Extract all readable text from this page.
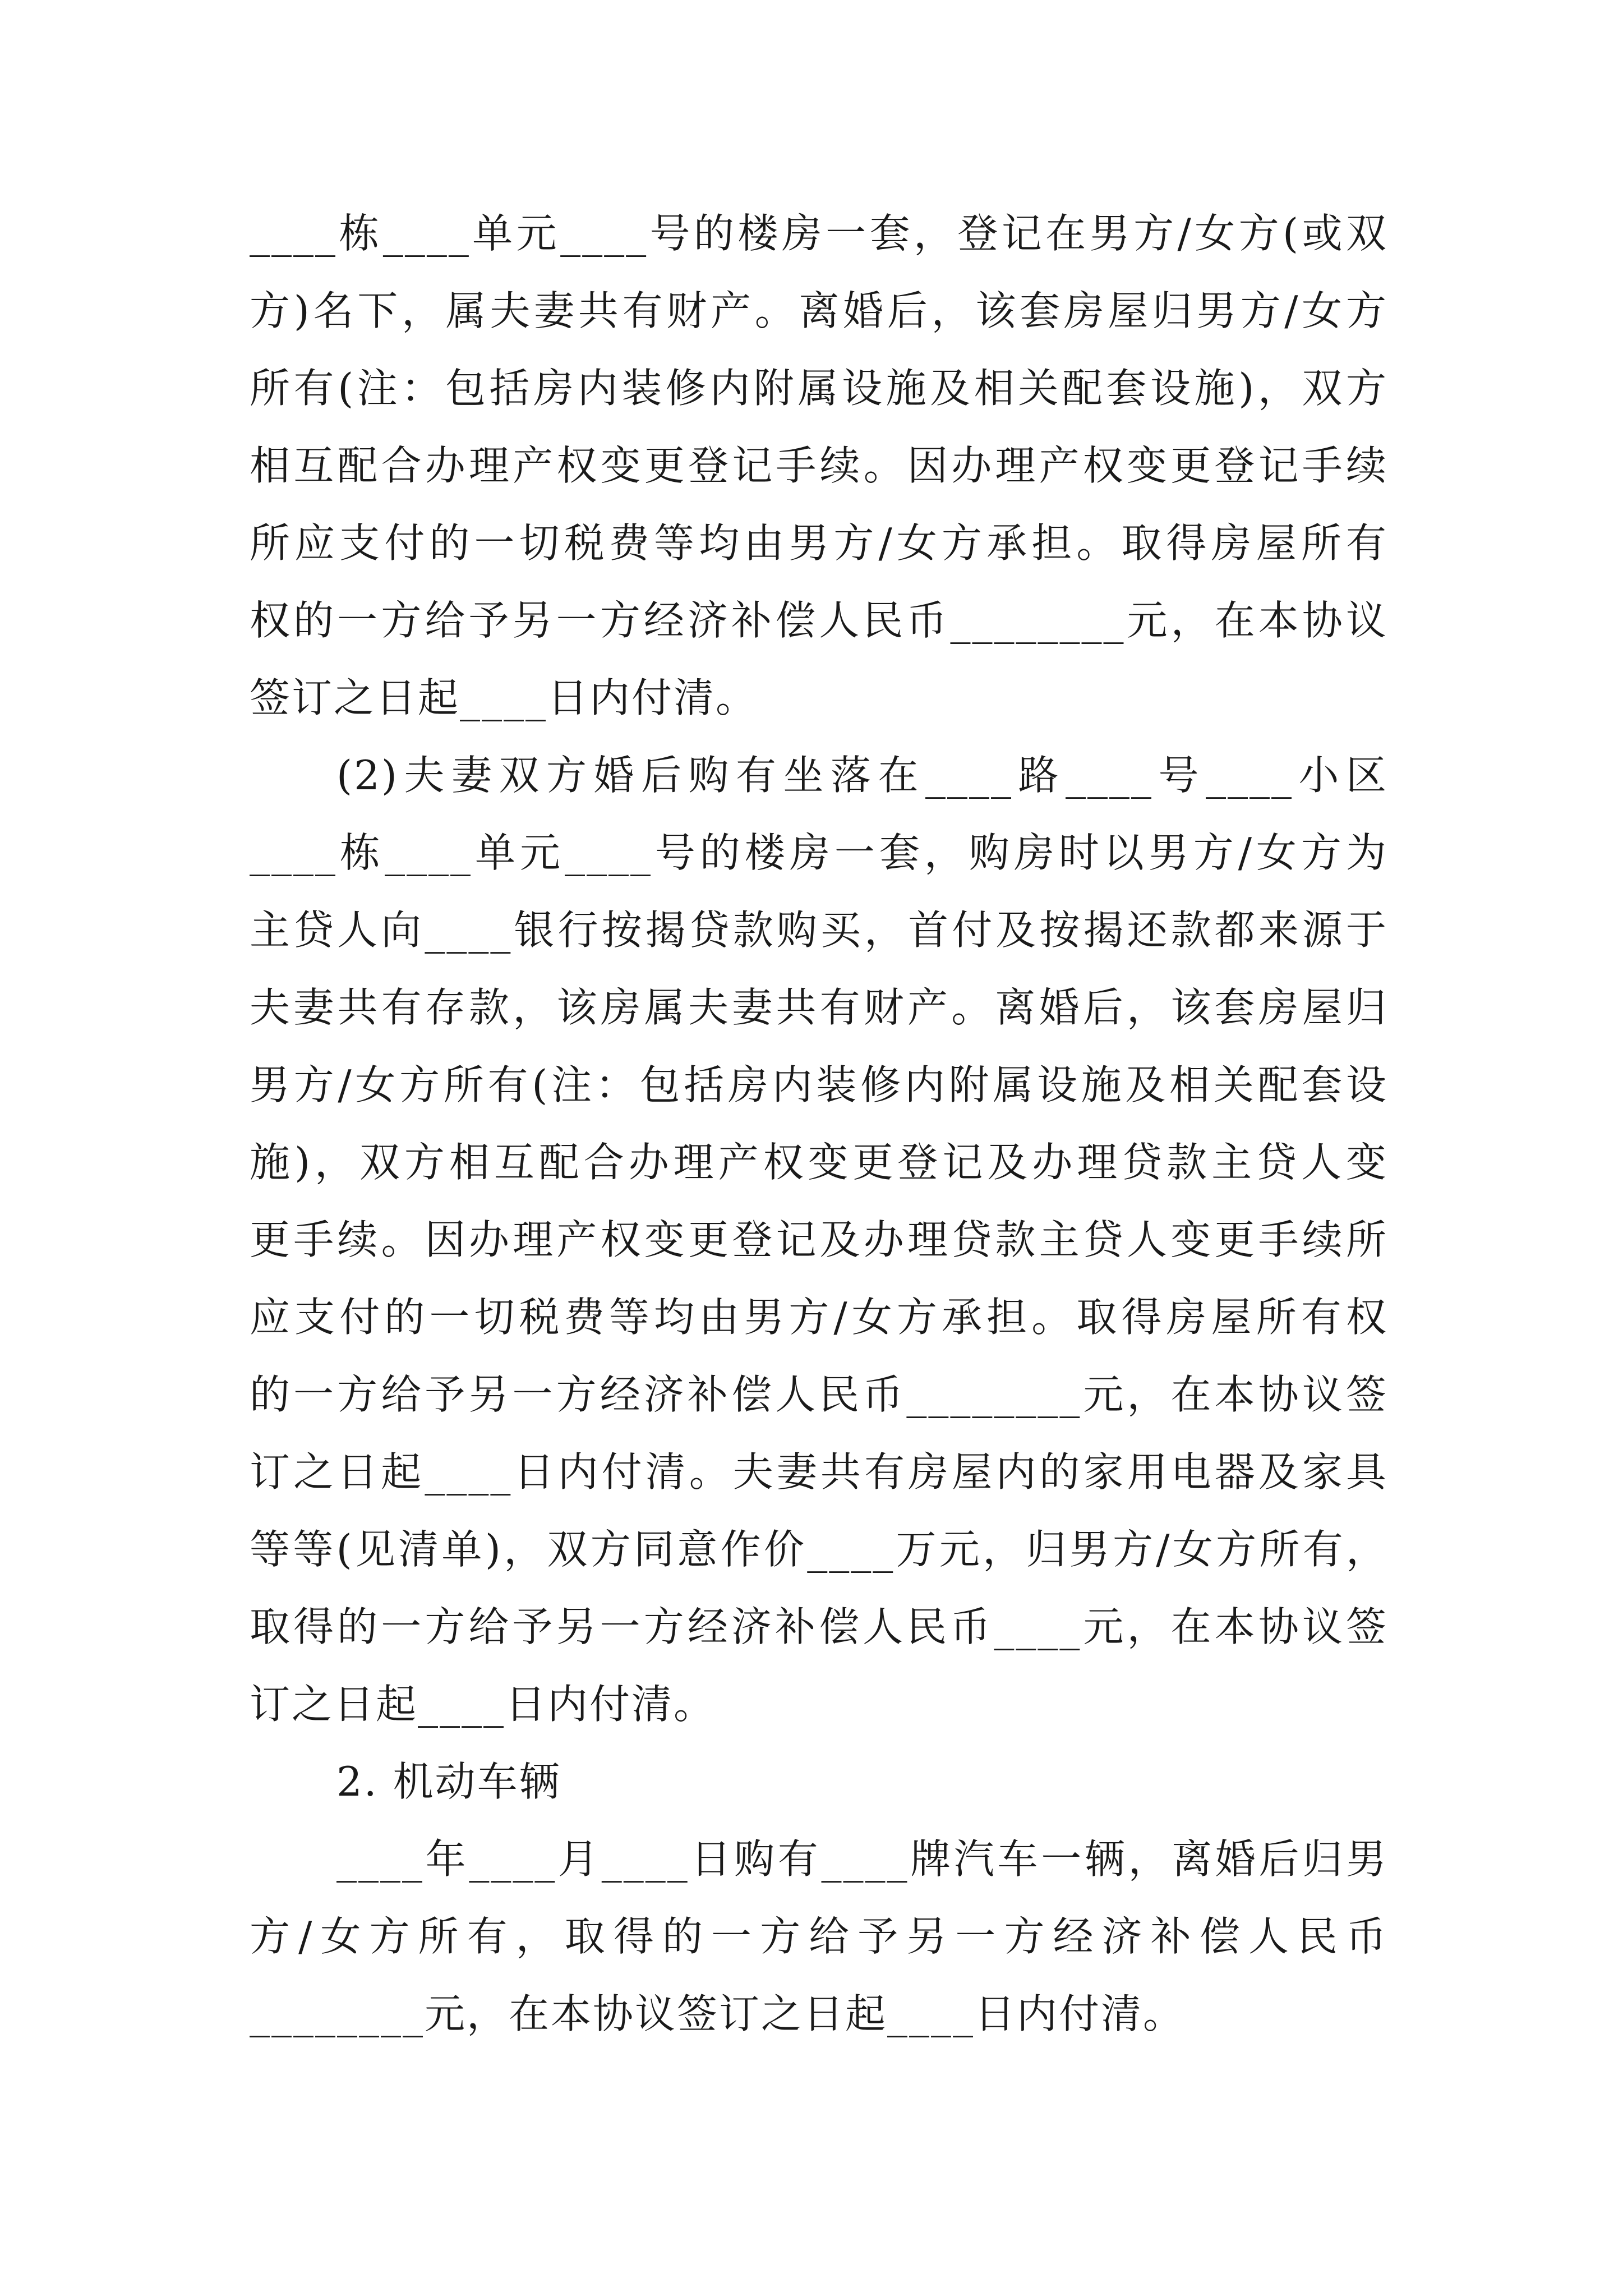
____栋____单元____号的楼房一套，登记在男方/女方(或双
方)名下，属夫妻共有财产。离婚后，该套房屋归男方/女方
所有(注：包括房内装修内附属设施及相关配套设施)，双方
相互配合办理产权变更登记手续。因办理产权变更登记手续
所应支付的一切税费等均由男方/女方承担。取得房屋所有
权的一方给予另一方经济补偿人民币________元，在本协议
签订之日起____日内付清。
(2)夫妻双方婚后购有坐落在____路____号____小区
____栋____单元____号的楼房一套，购房时以男方/女方为
主贷人向____银行按揭贷款购买，首付及按揭还款都来源于
夫妻共有存款，该房属夫妻共有财产。离婚后，该套房屋归
男方/女方所有(注：包括房内装修内附属设施及相关配套设
施)，双方相互配合办理产权变更登记及办理贷款主贷人变
更手续。因办理产权变更登记及办理贷款主贷人变更手续所
应支付的一切税费等均由男方/女方承担。取得房屋所有权
的一方给予另一方经济补偿人民币________元，在本协议签
订之日起____日内付清。夫妻共有房屋内的家用电器及家具
等等(见清单)，双方同意作价____万元，归男方/女方所有，
取得的一方给予另一方经济补偿人民币____元，在本协议签
订之日起____日内付清。
2. 机动车辆
____年____月____日购有____牌汽车一辆，离婚后归男
方/女方所有，取得的一方给予另一方经济补偿人民币
________元，在本协议签订之日起____日内付清。
